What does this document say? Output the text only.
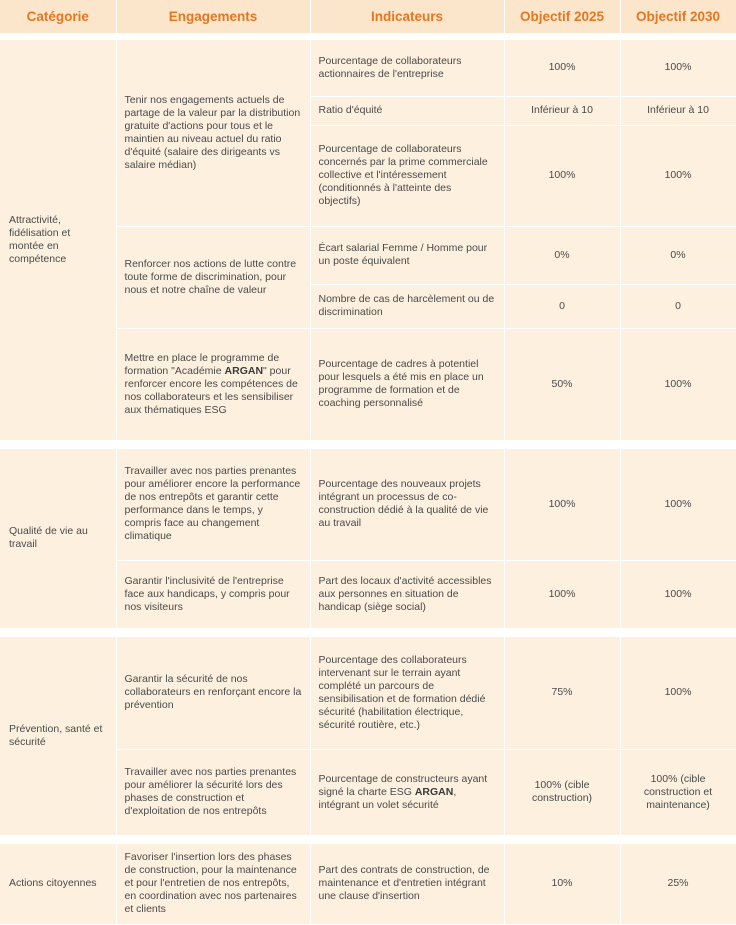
Catégorie	Engagements	Indicateurs	Objectif 2025	Objectif 2030

Attractivité, fidélisation et montée en compétence	Tenir nos engagements actuels de partage de la valeur par la distribution gratuite d'actions pour tous et le maintien au niveau actuel du ratio d'équité (salaire des dirigeants vs salaire médian)	Pourcentage de collaborateurs actionnaires de l'entreprise	100%	100%
		Ratio d'équité	Inférieur à 10	Inférieur à 10
		Pourcentage de collaborateurs concernés par la prime commerciale collective et l'intéressement (conditionnés à l'atteinte des objectifs)	100%	100%
	Renforcer nos actions de lutte contre toute forme de discrimination, pour nous et notre chaîne de valeur	Écart salarial Femme / Homme pour un poste équivalent	0%	0%
		Nombre de cas de harcèlement ou de discrimination	0	0
	Mettre en place le programme de formation "Académie ARGAN" pour renforcer encore les compétences de nos collaborateurs et les sensibiliser aux thématiques ESG	Pourcentage de cadres à potentiel pour lesquels a été mis en place un programme de formation et de coaching personnalisé	50%	100%

Qualité de vie au travail	Travailler avec nos parties prenantes pour améliorer encore la performance de nos entrepôts et garantir cette performance dans le temps, y compris face au changement climatique	Pourcentage des nouveaux projets intégrant un processus de co-construction dédié à la qualité de vie au travail	100%	100%
	Garantir l'inclusivité de l'entreprise face aux handicaps, y compris pour nos visiteurs	Part des locaux d'activité accessibles aux personnes en situation de handicap (siège social)	100%	100%

Prévention, santé et sécurité	Garantir la sécurité de nos collaborateurs en renforçant encore la prévention	Pourcentage des collaborateurs intervenant sur le terrain ayant complété un parcours de sensibilisation et de formation dédié sécurité (habilitation électrique, sécurité routière, etc.)	75%	100%
	Travailler avec nos parties prenantes pour améliorer la sécurité lors des phases de construction et d'exploitation de nos entrepôts	Pourcentage de constructeurs ayant signé la charte ESG ARGAN, intégrant un volet sécurité	100% (cible construction)	100% (cible construction et maintenance)

Actions citoyennes	Favoriser l'insertion lors des phases de construction, pour la maintenance et pour l'entretien de nos entrepôts, en coordination avec nos partenaires et clients	Part des contrats de construction, de maintenance et d'entretien intégrant une clause d'insertion	10%	25%
